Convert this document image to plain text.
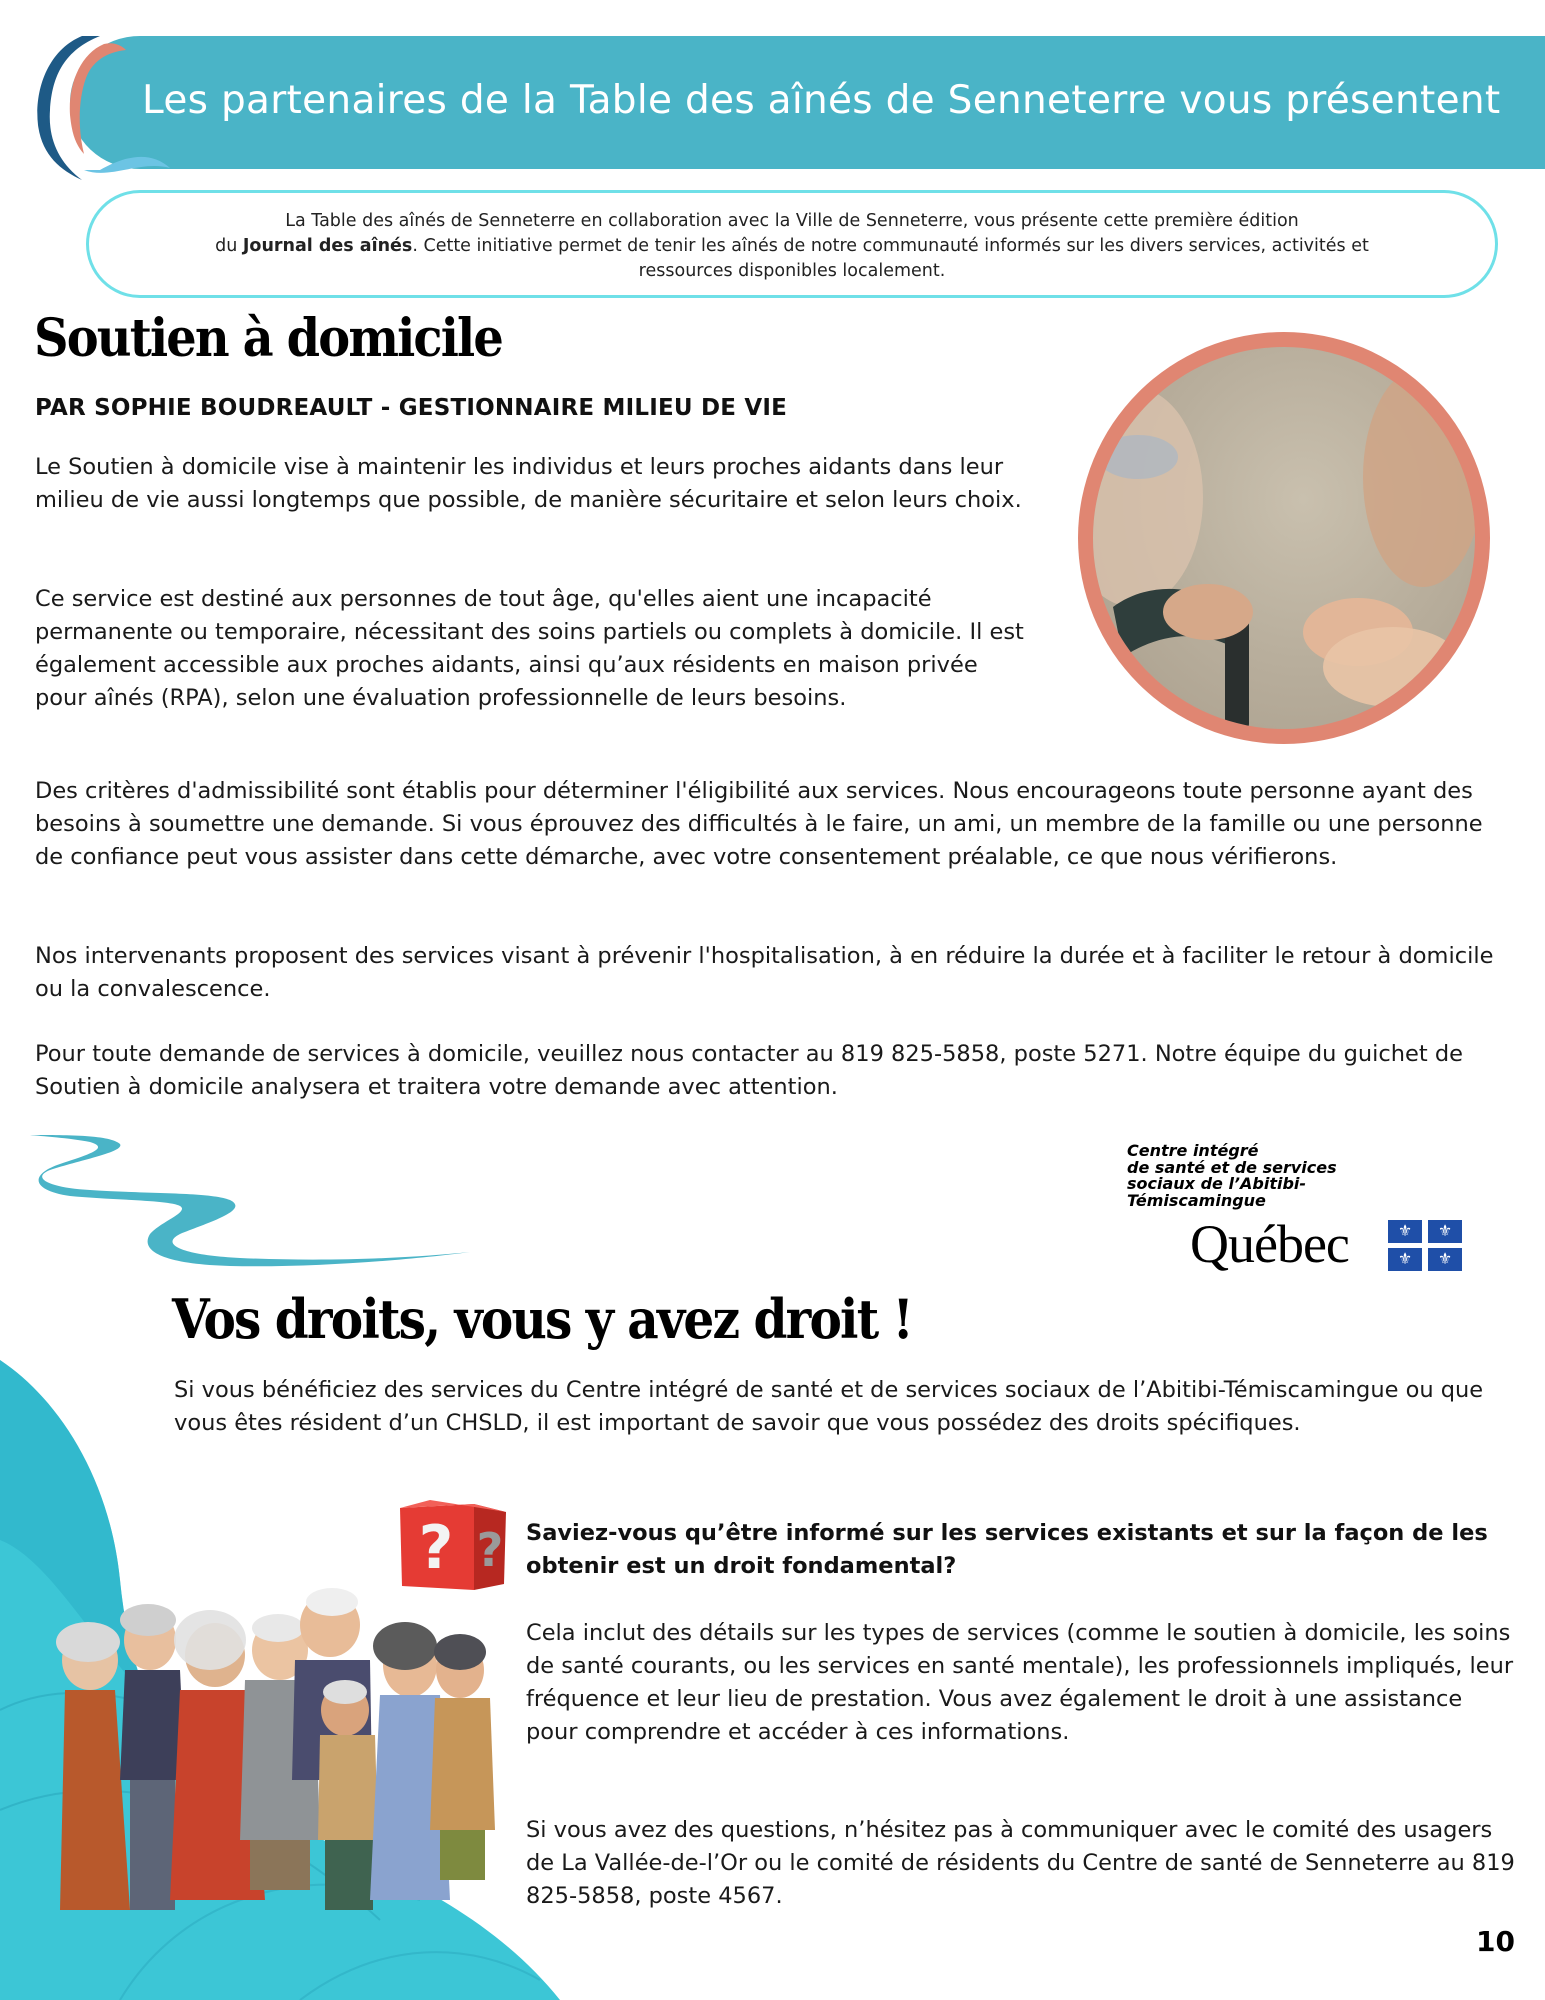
Les partenaires de la Table des aînés de Senneterre vous présentent
La Table des aînés de Senneterre en collaboration avec la Ville de Senneterre, vous présente cette première édition
du Journal des aînés. Cette initiative permet de tenir les aînés de notre communauté informés sur les divers services, activités et
ressources disponibles localement.
Soutien à domicile
PAR SOPHIE BOUDREAULT - GESTIONNAIRE MILIEU DE VIE

Le Soutien à domicile vise à maintenir les individus et leurs proches aidants dans leur milieu de vie aussi longtemps que possible, de manière sécuritaire et selon leurs choix.

Ce service est destiné aux personnes de tout âge, qu'elles aient une incapacité permanente ou temporaire, nécessitant des soins partiels ou complets à domicile. Il est également accessible aux proches aidants, ainsi qu’aux résidents en maison privée pour aînés (RPA), selon une évaluation professionnelle de leurs besoins.

Des critères d'admissibilité sont établis pour déterminer l'éligibilité aux services. Nous encourageons toute personne ayant des besoins à soumettre une demande. Si vous éprouvez des difficultés à le faire, un ami, un membre de la famille ou une personne de confiance peut vous assister dans cette démarche, avec votre consentement préalable, ce que nous vérifierons.

Nos intervenants proposent des services visant à prévenir l'hospitalisation, à en réduire la durée et à faciliter le retour à domicile ou la convalescence.

Pour toute demande de services à domicile, veuillez nous contacter au 819 825-5858, poste 5271. Notre équipe du guichet de Soutien à domicile analysera et traitera votre demande avec attention.

Centre intégré
de santé et de services
sociaux de l’Abitibi-
Témiscamingue
Québec	⚜	⚜
⚜	⚜
Vos droits, vous y avez droit !

Si vous bénéficiez des services du Centre intégré de santé et de services sociaux de l’Abitibi-Témiscamingue ou que vous êtes résident d’un CHSLD, il est important de savoir que vous possédez des droits spécifiques.

? ? Saviez-vous qu’être informé sur les services existants et sur la façon de les obtenir est un droit fondamental?

Cela inclut des détails sur les types de services (comme le soutien à domicile, les soins de santé courants, ou les services en santé mentale), les professionnels impliqués, leur fréquence et leur lieu de prestation. Vous avez également le droit à une assistance pour comprendre et accéder à ces informations.

Si vous avez des questions, n’hésitez pas à communiquer avec le comité des usagers de La Vallée-de-l’Or ou le comité de résidents du Centre de santé de Senneterre au 819 825-5858, poste 4567.

10
